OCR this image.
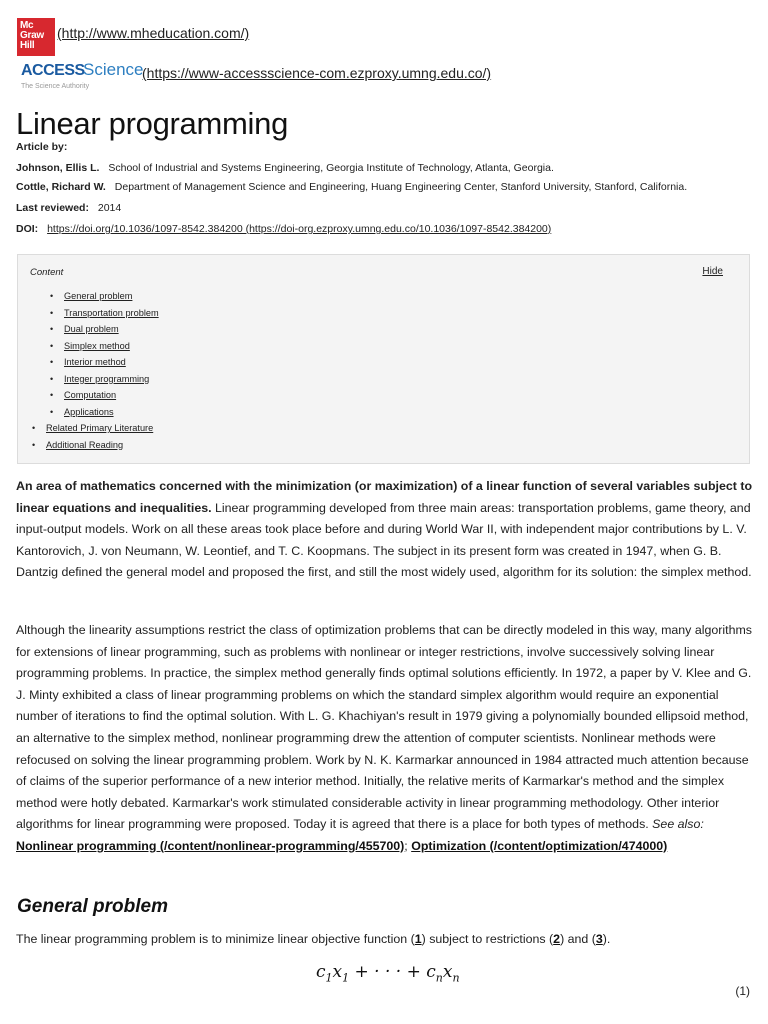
Mc
Graw
Hill
(http://www.mheducation.com/)
ACCESS
Science
The Science Authority
(https://www-accessscience-com.ezproxy.umng.edu.co/)
Linear programming
Article by:
Johnson, Ellis L. School of Industrial and Systems Engineering, Georgia Institute of Technology, Atlanta, Georgia.
Cottle, Richard W. Department of Management Science and Engineering, Huang Engineering Center, Stanford University, Stanford, California.
Last reviewed: 2014
DOI: https://doi.org/10.1036/1097-8542.384200 (https://doi-org.ezproxy.umng.edu.co/10.1036/1097-8542.384200)
Content	Hide
• General problem
• Transportation problem
• Dual problem
• Simplex method
• Interior method
• Integer programming
• Computation
• Applications
• Related Primary Literature
• Additional Reading
An area of mathematics concerned with the minimization (or maximization) of a linear function of several variables subject to linear equations and inequalities. Linear programming developed from three main areas: transportation problems, game theory, and input-output models. Work on all these areas took place before and during World War II, with independent major contributions by L. V. Kantorovich, J. von Neumann, W. Leontief, and T. C. Koopmans. The subject in its present form was created in 1947, when G. B. Dantzig defined the general model and proposed the first, and still the most widely used, algorithm for its solution: the simplex method.
Although the linearity assumptions restrict the class of optimization problems that can be directly modeled in this way, many algorithms for extensions of linear programming, such as problems with nonlinear or integer restrictions, involve successively solving linear programming problems. In practice, the simplex method generally finds optimal solutions efficiently. In 1972, a paper by V. Klee and G. J. Minty exhibited a class of linear programming problems on which the standard simplex algorithm would require an exponential number of iterations to find the optimal solution. With L. G. Khachiyan's result in 1979 giving a polynomially bounded ellipsoid method, an alternative to the simplex method, nonlinear programming drew the attention of computer scientists. Nonlinear methods were refocused on solving the linear programming problem. Work by N. K. Karmarkar announced in 1984 attracted much attention because of claims of the superior performance of a new interior method. Initially, the relative merits of Karmarkar's method and the simplex method were hotly debated. Karmarkar's work stimulated considerable activity in linear programming methodology. Other interior algorithms for linear programming were proposed. Today it is agreed that there is a place for both types of methods. See also: Nonlinear programming (/content/nonlinear-programming/455700); Optimization (/content/optimization/474000)
General problem
The linear programming problem is to minimize linear objective function (1) subject to restrictions (2) and (3).
$c_1x_1$ + · · · + $c_nx_n$
(1)
